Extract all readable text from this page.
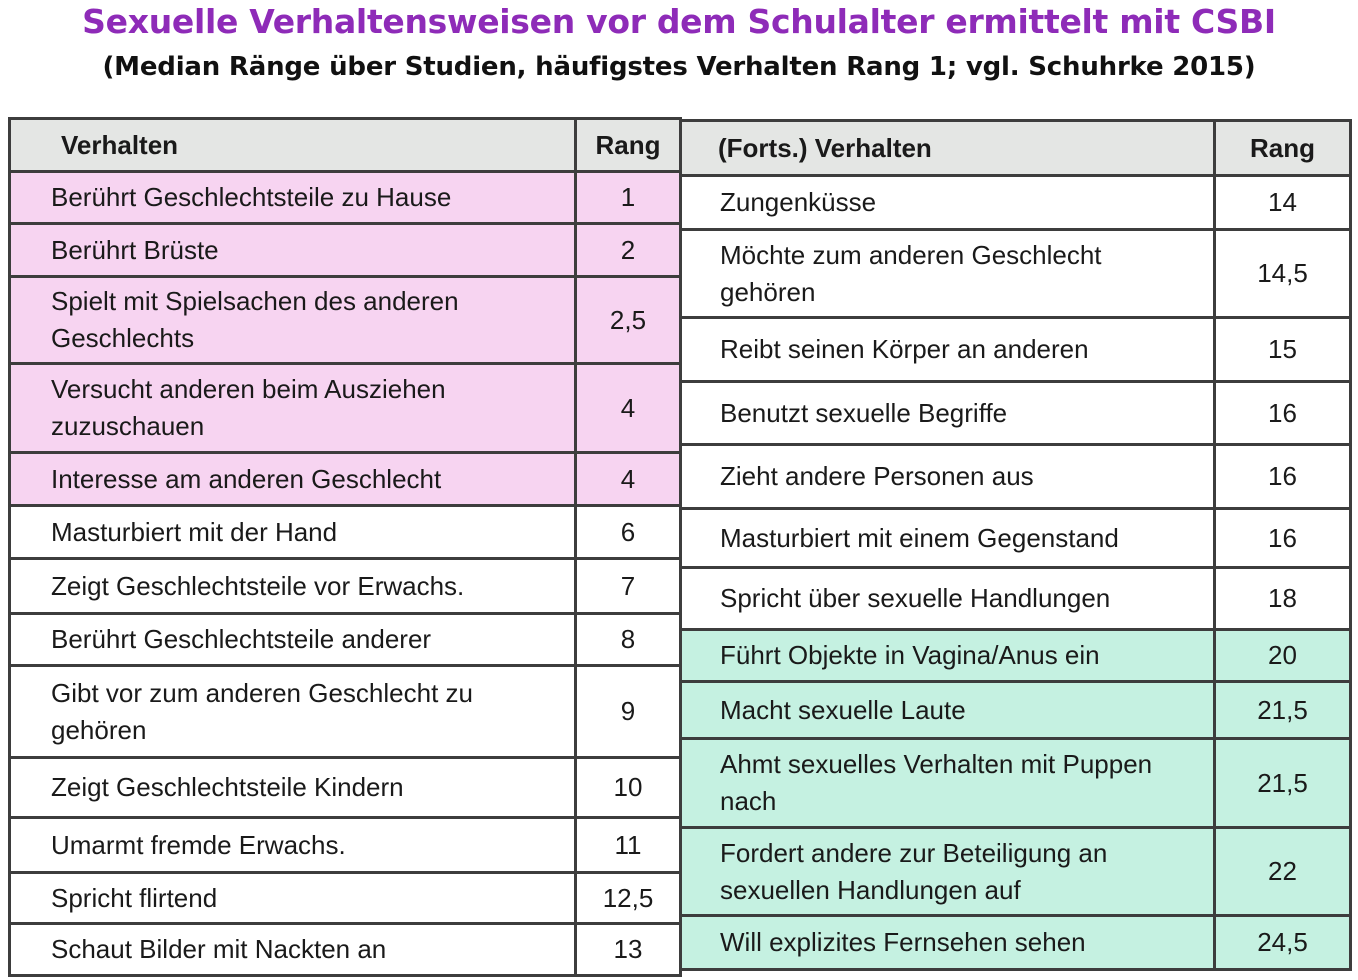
Sexuelle Verhaltensweisen vor dem Schulalter ermittelt mit CSBI
(Median Ränge über Studien, häufigstes Verhalten Rang 1; vgl. Schuhrke 2015)
Verhalten	Rang
Berührt Geschlechtsteile zu Hause	1
Berührt Brüste	2
Spielt mit Spielsachen des anderen Geschlechts	2,5
Versucht anderen beim Ausziehen zuzuschauen	4
Interesse am anderen Geschlecht	4
Masturbiert mit der Hand	6
Zeigt Geschlechtsteile vor Erwachs.	7
Berührt Geschlechtsteile anderer	8
Gibt vor zum anderen Geschlecht zu gehören	9
Zeigt Geschlechtsteile Kindern	10
Umarmt fremde Erwachs.	11
Spricht flirtend	12,5
Schaut Bilder mit Nackten an	13
(Forts.) Verhalten	Rang
Zungenküsse	14
Möchte zum anderen Geschlecht gehören	14,5
Reibt seinen Körper an anderen	15
Benutzt sexuelle Begriffe	16
Zieht andere Personen aus	16
Masturbiert mit einem Gegenstand	16
Spricht über sexuelle Handlungen	18
Führt Objekte in Vagina/Anus ein	20
Macht sexuelle Laute	21,5
Ahmt sexuelles Verhalten mit Puppen nach	21,5
Fordert andere zur Beteiligung an sexuellen Handlungen auf	22
Will explizites Fernsehen sehen	24,5
